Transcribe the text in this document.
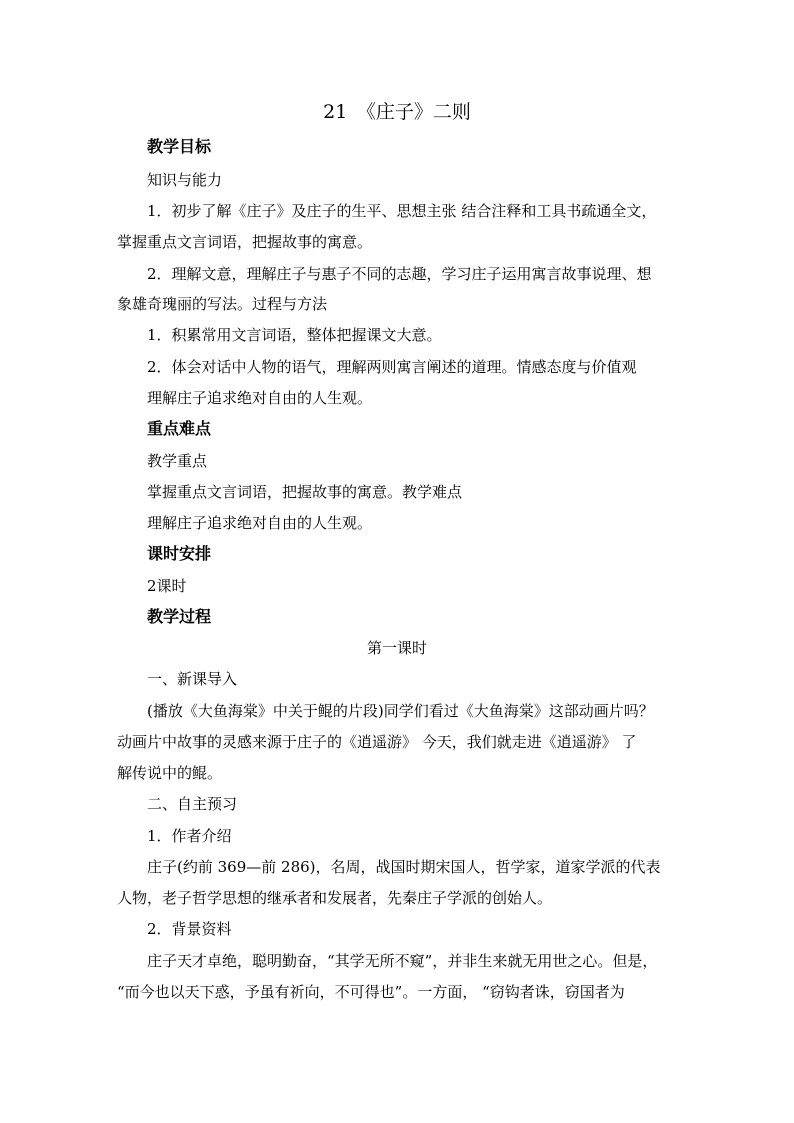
21　《庄子》二则
教学目标
知识与能力
1．初步了解《庄子》及庄子的生平、思想主张 结合注释和工具书疏通全文，
掌握重点文言词语，把握故事的寓意。
2．理解文意，理解庄子与惠子不同的志趣，学习庄子运用寓言故事说理、想
象雄奇瑰丽的写法。过程与方法
1．积累常用文言词语，整体把握课文大意。
2．体会对话中人物的语气，理解两则寓言阐述的道理。情感态度与价值观
理解庄子追求绝对自由的人生观。
重点难点
教学重点
掌握重点文言词语，把握故事的寓意。教学难点
理解庄子追求绝对自由的人生观。
课时安排
2课时
教学过程
第一课时
一、新课导入
(播放《大鱼海棠》中关于鲲的片段)同学们看过《大鱼海棠》这部动画片吗？
动画片中故事的灵感来源于庄子的《逍遥游》 今天，我们就走进《逍遥游》 了
解传说中的鲲。
二、自主预习
1．作者介绍
庄子(约前 369—前 286)，名周，战国时期宋国人，哲学家，道家学派的代表
人物，老子哲学思想的继承者和发展者，先秦庄子学派的创始人。
2．背景资料
庄子天才卓绝，聪明勤奋，“其学无所不窥”，并非生来就无用世之心。但是，
“而今也以天下惑，予虽有祈向，不可得也”。一方面， “窃钩者诛，窃国者为
